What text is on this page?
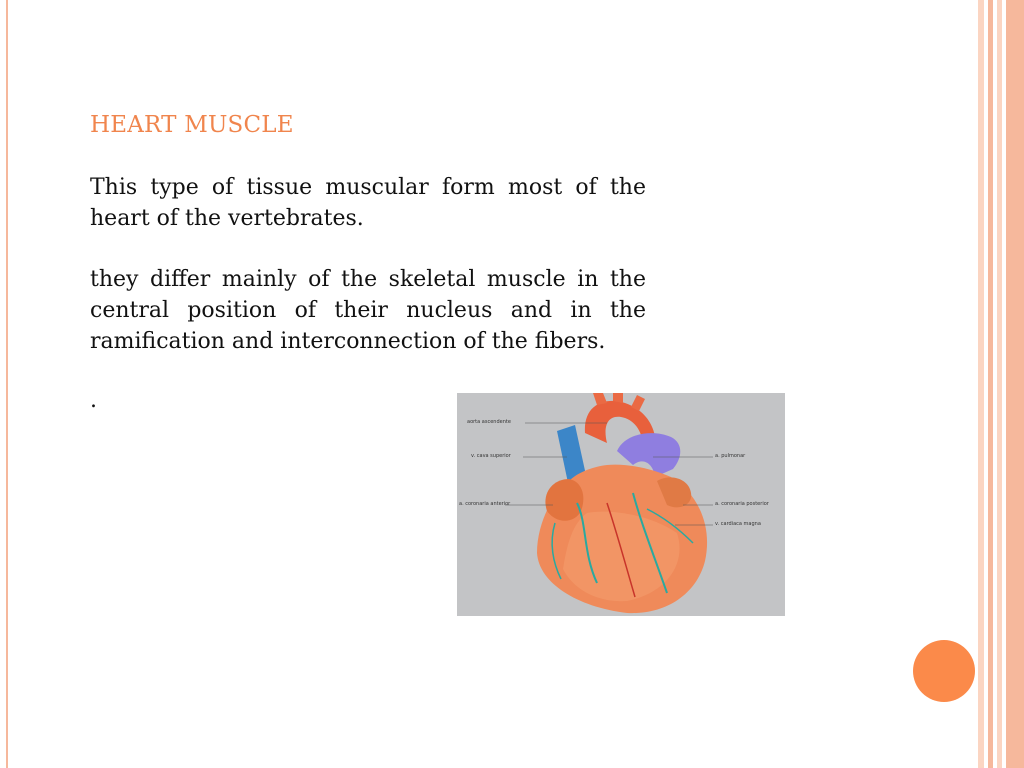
HEART MUSCLE

This type of tissue muscular form most of the heart of the vertebrates.

they differ mainly of the skeletal muscle in the central position of their nucleus and in the ramification and interconnection of the fibers.

.
aorta ascendente
v. cava superior	a. pulmonar
a. coronaria anterior	a. coronaria posterior
v. cardiaca magna
